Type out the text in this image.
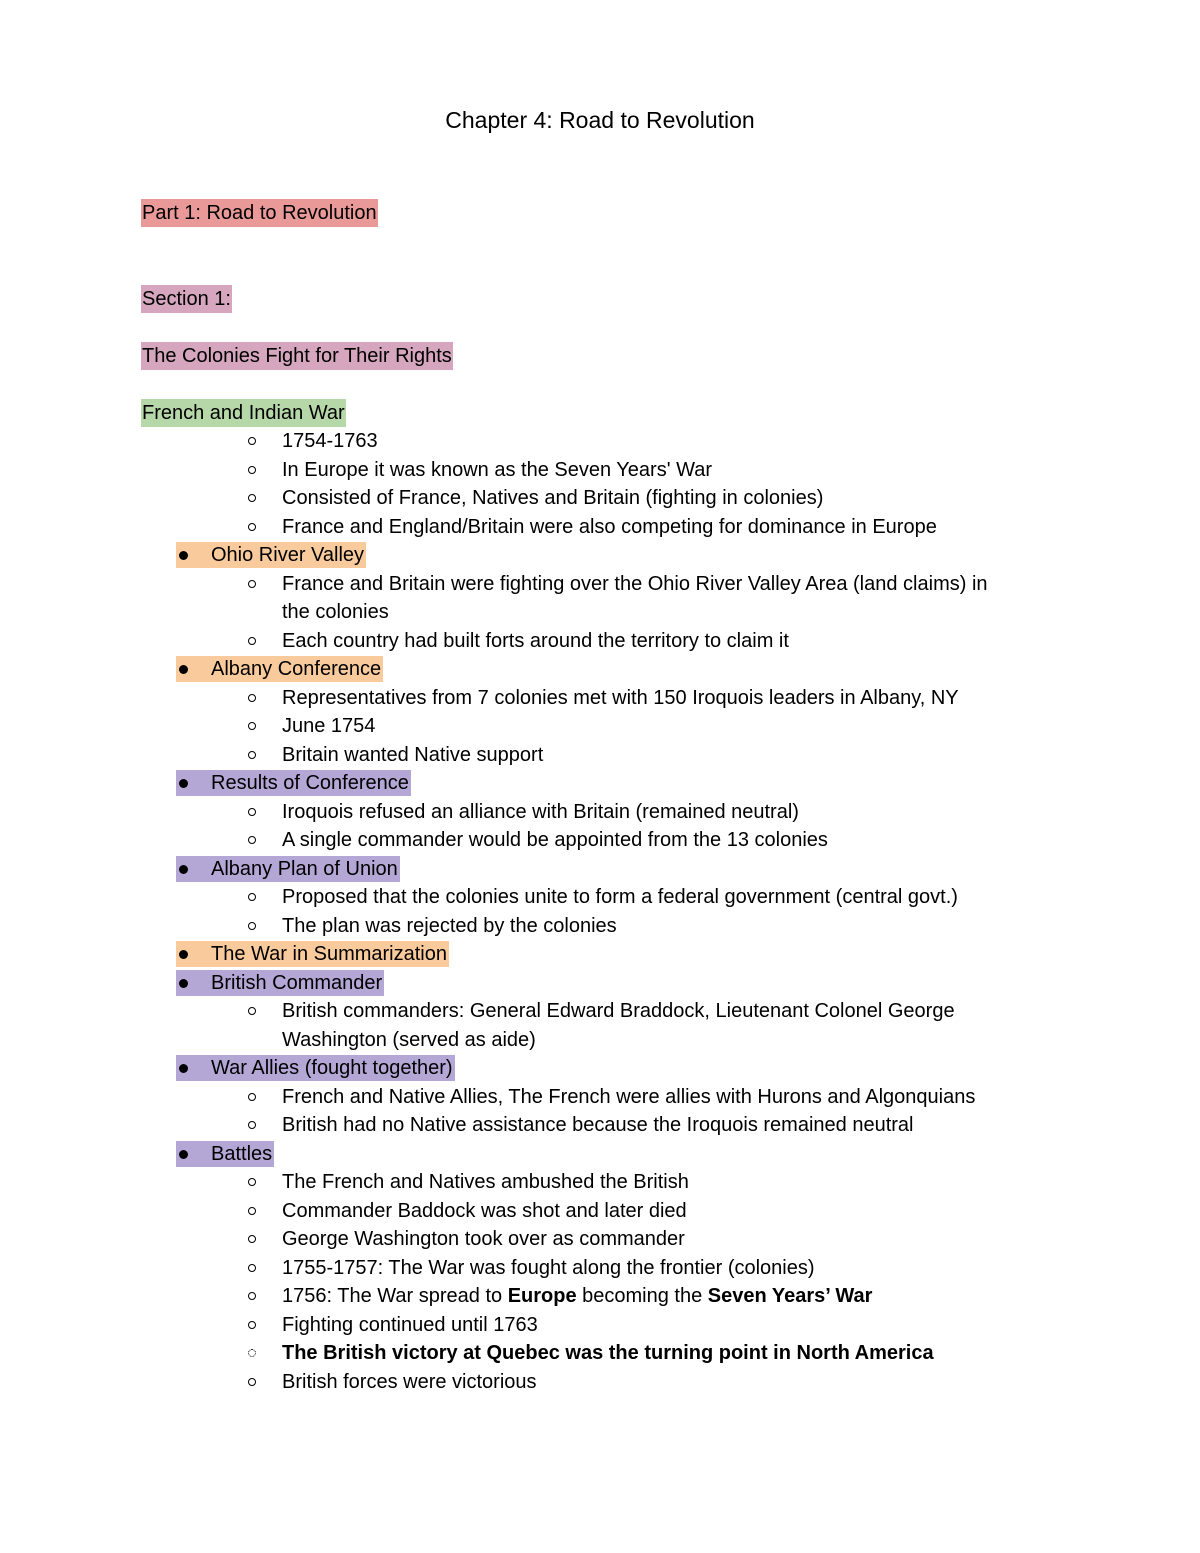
Chapter 4: Road to Revolution
Part 1: Road to Revolution
Section 1:
The Colonies Fight for Their Rights
French and Indian War
1754-1763
In Europe it was known as the Seven Years' War
Consisted of France, Natives and Britain (fighting in colonies)
France and England/Britain were also competing for dominance in Europe
Ohio River Valley
France and Britain were fighting over the Ohio River Valley Area (land claims) in
the colonies
Each country had built forts around the territory to claim it
Albany Conference
Representatives from 7 colonies met with 150 Iroquois leaders in Albany, NY
June 1754
Britain wanted Native support
Results of Conference
Iroquois refused an alliance with Britain (remained neutral)
A single commander would be appointed from the 13 colonies
Albany Plan of Union
Proposed that the colonies unite to form a federal government (central govt.)
The plan was rejected by the colonies
The War in Summarization
British Commander
British commanders: General Edward Braddock, Lieutenant Colonel George
Washington (served as aide)
War Allies (fought together)
French and Native Allies, The French were allies with Hurons and Algonquians
British had no Native assistance because the Iroquois remained neutral
Battles
The French and Natives ambushed the British
Commander Baddock was shot and later died
George Washington took over as commander
1755-1757: The War was fought along the frontier (colonies)
1756: The War spread to Europe becoming the Seven Years’ War
Fighting continued until 1763
The British victory at Quebec was the turning point in North America
British forces were victorious
